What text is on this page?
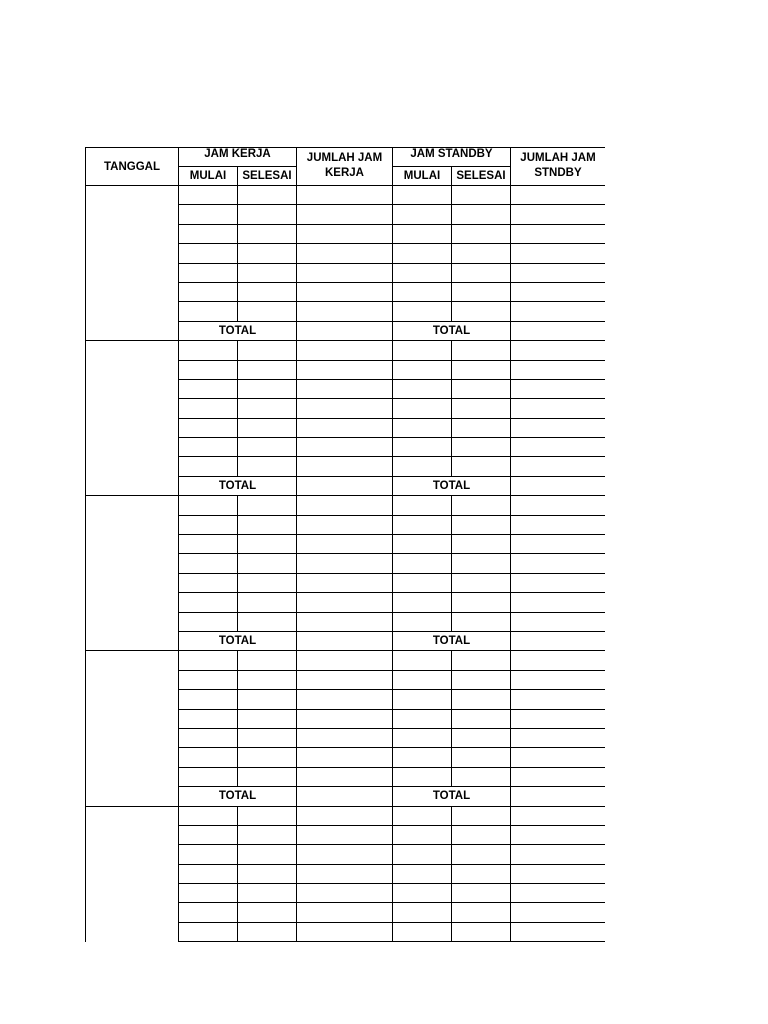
TANGGAL	JAM KERJA		JUMLAH JAM KERJA	JAM STANDBY		JUMLAH JAM STNDBY
	MULAI	SELESAI		MULAI	SELESAI	

	TOTAL			TOTAL		

	TOTAL			TOTAL		

	TOTAL			TOTAL		

	TOTAL			TOTAL		
